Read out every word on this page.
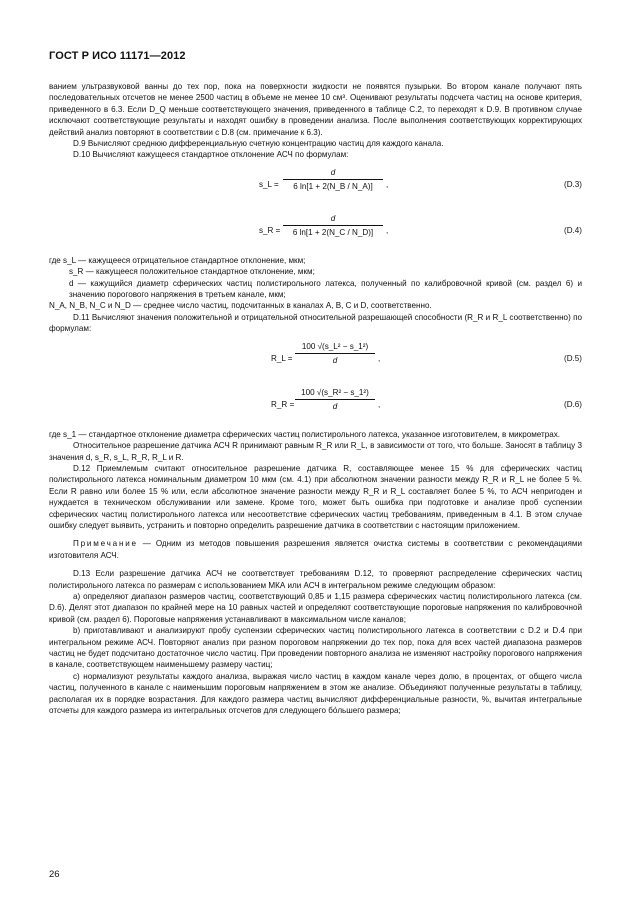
ГОСТ Р ИСО 11171—2012

ванием ультразвуковой ванны до тех пор, пока на поверхности жидкости не появятся пузырьки. Во втором канале получают пять последовательных отсчетов не менее 2500 частиц в объеме не менее 10 см³. Оценивают результаты подсчета частиц на основе критерия, приведенного в 6.3. Если D_Q меньше соответствующего значения, приведенного в таблице С.2, то переходят к D.9. В противном случае исключают соответствующие результаты и находят ошибку в проведении анализа. После выполнения соответствующих корректирующих действий анализ повторяют в соответствии с D.8 (см. примечание к 6.3).

D.9 Вычисляют среднюю дифференциальную счетную концентрацию частиц для каждого канала.

D.10 Вычисляют кажущееся стандартное отклонение АСЧ по формулам:

s_L =
d
6 ln[1 + 2(N_B / N_A)]	,	(D.3)
s_R =
d
6 ln[1 + 2(N_C / N_D)]	,	(D.4)

где s_L — кажущееся отрицательное стандартное отклонение, мкм;

s_R — кажущееся положительное стандартное отклонение, мкм;

d — кажущийся диаметр сферических частиц полистирольного латекса, полученный по калибровочной кривой (см. раздел 6) и значению порогового напряжения в третьем канале, мкм;

N_A, N_B, N_C и N_D — среднее число частиц, подсчитанных в каналах А, В, С и D, соответственно.

D.11 Вычисляют значения положительной и отрицательной относительной разрешающей способности (R_R и R_L соответственно) по формулам:

R_L =
100 √(s_L² − s_1²)
d	,	(D.5)
R_R =
100 √(s_R² − s_1²)
d	,	(D.6)

где s_1 — стандартное отклонение диаметра сферических частиц полистирольного латекса, указанное изготовителем, в микрометрах.

Относительное разрешение датчика АСЧ R принимают равным R_R или R_L, в зависимости от того, что больше. Заносят в таблицу 3 значения d, s_R, s_L, R_R, R_L и R.

D.12 Приемлемым считают относительное разрешение датчика R, составляющее менее 15 % для сферических частиц полистирольного латекса номинальным диаметром 10 мкм (см. 4.1) при абсолютном значении разности между R_R и R_L не более 5 %. Если R равно или более 15 % или, если абсолютное значение разности между R_R и R_L составляет более 5 %, то АСЧ непригоден и нуждается в техническом обслуживании или замене. Кроме того, может быть ошибка при подготовке и анализе проб суспензии сферических частиц полистирольного латекса или несоответствие сферических частиц требованиям, приведенным в 4.1. В этом случае ошибку следует выявить, устранить и повторно определить разрешение датчика в соответствии с настоящим приложением.

Примечание — Одним из методов повышения разрешения является очистка системы в соответствии с рекомендациями изготовителя АСЧ.

D.13 Если разрешение датчика АСЧ не соответствует требованиям D.12, то проверяют распределение сферических частиц полистирольного латекса по размерам с использованием МКА или АСЧ в интегральном режиме следующим образом:

a) определяют диапазон размеров частиц, соответствующий 0,85 и 1,15 размера сферических частиц полистирольного латекса (см. D.6). Делят этот диапазон по крайней мере на 10 равных частей и определяют соответствующие пороговые напряжения по калибровочной кривой (см. раздел 6). Пороговые напряжения устанавливают в максимальном числе каналов;

b) приготавливают и анализируют пробу суспензии сферических частиц полистирольного латекса в соответствии с D.2 и D.4 при интегральном режиме АСЧ. Повторяют анализ при разном пороговом напряжении до тех пор, пока для всех частей диапазона размеров частиц не будет подсчитано достаточное число частиц. При проведении повторного анализа не изменяют настройку порогового напряжения в канале, соответствующем наименьшему размеру частиц;

c) нормализуют результаты каждого анализа, выражая число частиц в каждом канале через долю, в процентах, от общего числа частиц, полученного в канале с наименьшим пороговым напряжением в этом же анализе. Объединяют полученные результаты в таблицу, располагая их в порядке возрастания. Для каждого размера частиц вычисляют дифференциальные разности, %, вычитая интегральные отсчеты для каждого размера из интегральных отсчетов для следующего бо́льшего размера;

26
